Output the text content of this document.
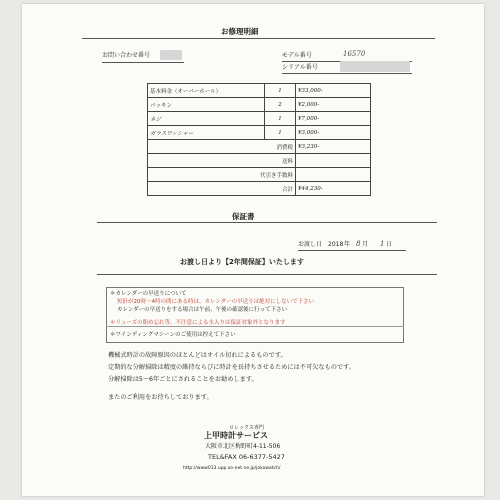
お修理明細
お問い合わせ番号	モデル番号	16570
シリアル番号
基本料金（オーバーホール）	1	¥33,000-
パッキン	2	¥2,000-
ネジ	1	¥7,000-
ガラスワッシャー	1	¥3,000-
消費税		¥3,230-
送料		
代引き手数料		
合計		¥44,230-
保証書
お渡し日 2018 年 8 月 1 日
お渡し日より【2年間保証】いたします
＊カレンダーの早送りについて
短針が20時〜4時の間にある時は、カレンダーの早送りは絶対にしないで下さい
カレンダーの早送りをする場合は午前、午後の確認後に行って下さい
＊リューズの閉め忘れ等、不注意による水入りは保証対象外となります
＊ワインディングマシーンのご使用は控えて下さい
機械式時計の故障原因のほとんどはオイル切れによるものです。
定期的な分解掃除は精度の維持ならびに時計を長持ちさせるためには不可欠なものです。
分解掃除は5〜6年ごとにされることをお勧めします。
またのご利用をお待ちしております。
ロレックス専門
上甲時計サービス
大阪市北区梅野町4-11-506
TEL&FAX 06-6377-5427
http://www013.upp.so-net.ne.jp/jokowatch/
